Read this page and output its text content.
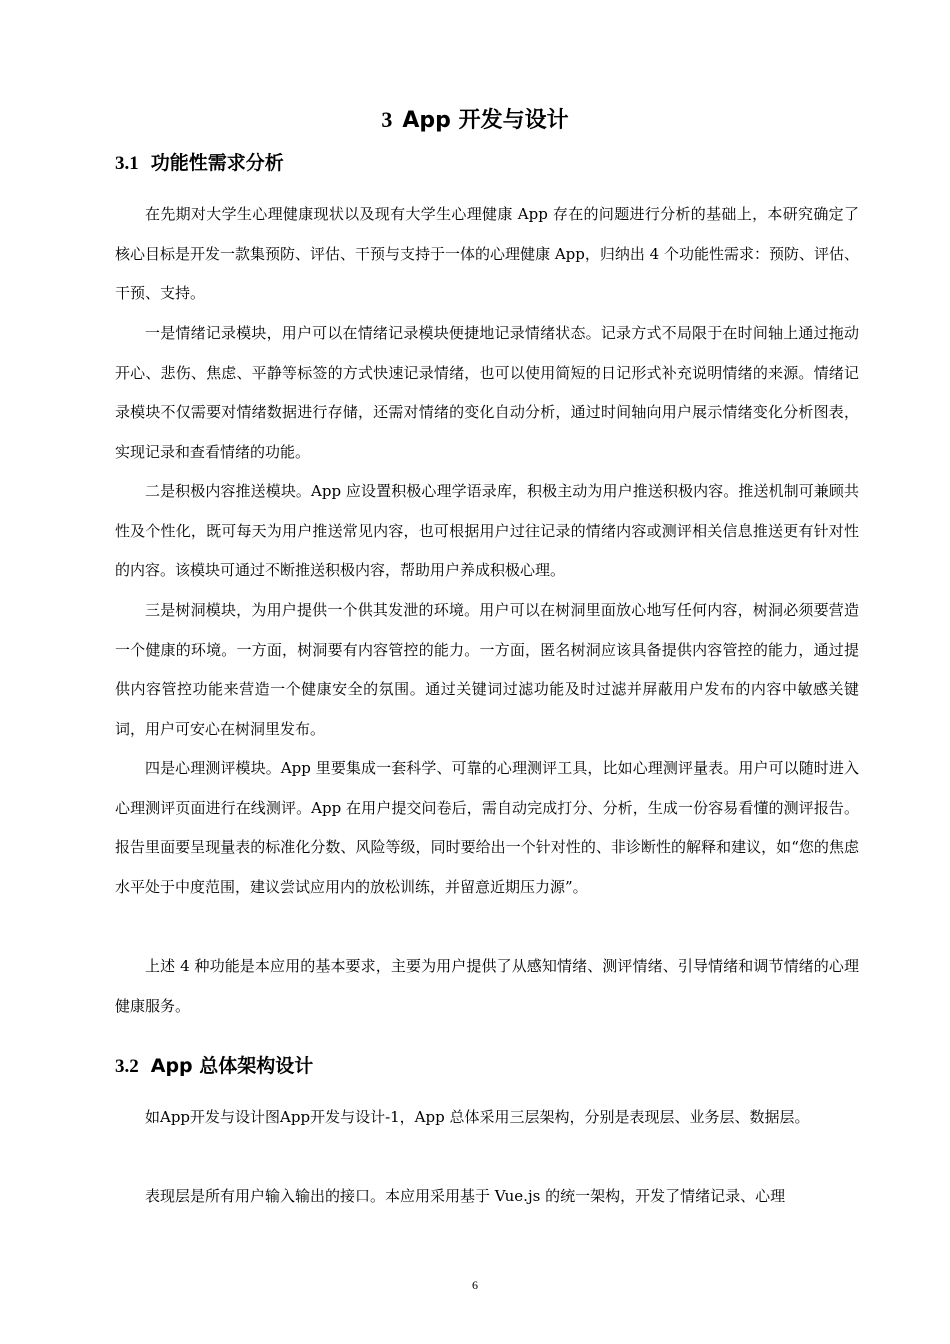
3 App 开发与设计
3.1 功能性需求分析

在先期对大学生心理健康现状以及现有大学生心理健康 App 存在的问题进行分析的基础上，本研究确定了核心目标是开发一款集预防、评估、干预与支持于一体的心理健康 App，归纳出 4 个功能性需求：预防、评估、干预、支持。

一是情绪记录模块，用户可以在情绪记录模块便捷地记录情绪状态。记录方式不局限于在时间轴上通过拖动开心、悲伤、焦虑、平静等标签的方式快速记录情绪，也可以使用简短的日记形式补充说明情绪的来源。情绪记录模块不仅需要对情绪数据进行存储，还需对情绪的变化自动分析，通过时间轴向用户展示情绪变化分析图表，实现记录和查看情绪的功能。

二是积极内容推送模块。App 应设置积极心理学语录库，积极主动为用户推送积极内容。推送机制可兼顾共性及个性化，既可每天为用户推送常见内容，也可根据用户过往记录的情绪内容或测评相关信息推送更有针对性的内容。该模块可通过不断推送积极内容，帮助用户养成积极心理。

三是树洞模块，为用户提供一个供其发泄的环境。用户可以在树洞里面放心地写任何内容，树洞必须要营造一个健康的环境。一方面，树洞要有内容管控的能力。一方面，匿名树洞应该具备提供内容管控的能力，通过提供内容管控功能来营造一个健康安全的氛围。通过关键词过滤功能及时过滤并屏蔽用户发布的内容中敏感关键词，用户可安心在树洞里发布。

四是心理测评模块。App 里要集成一套科学、可靠的心理测评工具，比如心理测评量表。用户可以随时进入心理测评页面进行在线测评。App 在用户提交问卷后，需自动完成打分、分析，生成一份容易看懂的测评报告。报告里面要呈现量表的标准化分数、风险等级，同时要给出一个针对性的、非诊断性的解释和建议，如“您的焦虑水平处于中度范围，建议尝试应用内的放松训练，并留意近期压力源”。

上述 4 种功能是本应用的基本要求，主要为用户提供了从感知情绪、测评情绪、引导情绪和调节情绪的心理健康服务。

3.2 App 总体架构设计

如App开发与设计图App开发与设计-1，App 总体采用三层架构，分别是表现层、业务层、数据层。

表现层是所有用户输入输出的接口。本应用采用基于 Vue.js 的统一架构，开发了情绪记录、心理

6
